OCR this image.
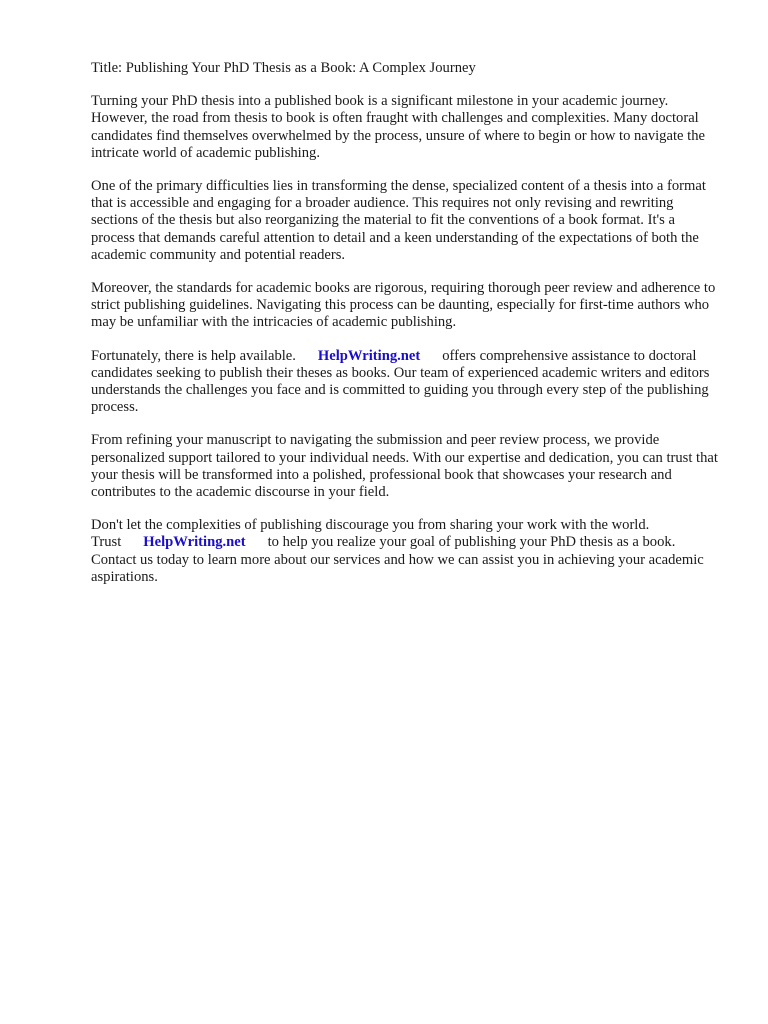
Title: Publishing Your PhD Thesis as a Book: A Complex Journey

Turning your PhD thesis into a published book is a significant milestone in your academic journey. However, the road from thesis to book is often fraught with challenges and complexities. Many doctoral candidates find themselves overwhelmed by the process, unsure of where to begin or how to navigate the intricate world of academic publishing.

One of the primary difficulties lies in transforming the dense, specialized content of a thesis into a format that is accessible and engaging for a broader audience. This requires not only revising and rewriting sections of the thesis but also reorganizing the material to fit the conventions of a book format. It's a process that demands careful attention to detail and a keen understanding of the expectations of both the academic community and potential readers.

Moreover, the standards for academic books are rigorous, requiring thorough peer review and adherence to strict publishing guidelines. Navigating this process can be daunting, especially for first-time authors who may be unfamiliar with the intricacies of academic publishing.

Fortunately, there is help available. HelpWriting.net offers comprehensive assistance to doctoral candidates seeking to publish their theses as books. Our team of experienced academic writers and editors understands the challenges you face and is committed to guiding you through every step of the publishing process.

From refining your manuscript to navigating the submission and peer review process, we provide personalized support tailored to your individual needs. With our expertise and dedication, you can trust that your thesis will be transformed into a polished, professional book that showcases your research and contributes to the academic discourse in your field.

Don't let the complexities of publishing discourage you from sharing your work with the world.
Trust HelpWriting.net to help you realize your goal of publishing your PhD thesis as a book. Contact us today to learn more about our services and how we can assist you in achieving your academic aspirations.
